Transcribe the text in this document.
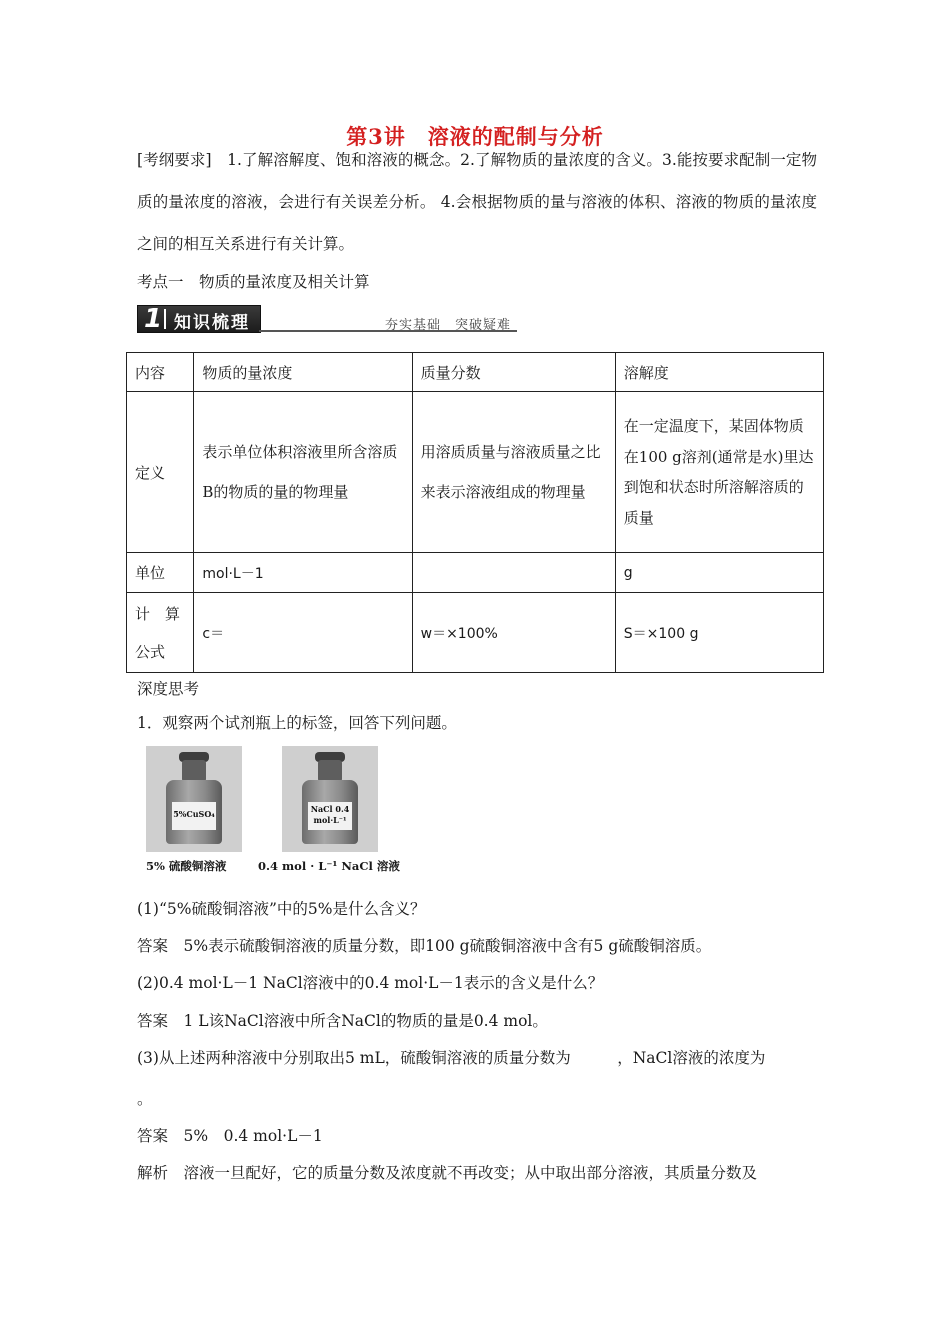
第3讲　溶液的配制与分析
[考纲要求]　 1.了解溶解度、饱和溶液的概念。2.了解物质的量浓度的含义。3.能按要求配制一定物质的量浓度的溶液，会进行有关误差分析。 4.会根据物质的量与溶液的体积、溶液的物质的量浓度之间的相互关系进行有关计算。
考点一　物质的量浓度及相关计算
1 知识梳理	夯实基础　突破疑难
内容	物质的量浓度	质量分数	溶解度
定义	表示单位体积溶液里所含溶质B的物质的量的物理量	用溶质质量与溶液质量之比来表示溶液组成的物理量	在一定温度下，某固体物质在100 g溶剂(通常是水)里达到饱和状态时所溶解溶质的质量

单位	mol·L－1		g

计　算公式	c＝	w＝×100%	S＝×100 g
深度思考
1．观察两个试剂瓶上的标签，回答下列问题。
5%CuSO₄	NaCl 0.4 mol·L⁻¹
5% 硫酸铜溶液	0.4 mol · L⁻¹ NaCl 溶液
(1)“5%硫酸铜溶液”中的5%是什么含义？
答案　5%表示硫酸铜溶液的质量分数，即100 g硫酸铜溶液中含有5 g硫酸铜溶质。
(2)0.4 mol·L－1 NaCl溶液中的0.4 mol·L－1表示的含义是什么？
答案　1 L该NaCl溶液中所含NaCl的物质的量是0.4 mol。
(3)从上述两种溶液中分别取出5 mL，硫酸铜溶液的质量分数为　　　，NaCl溶液的浓度为
。
答案　5%　0.4 mol·L－1
解析　溶液一旦配好，它的质量分数及浓度就不再改变；从中取出部分溶液，其质量分数及
